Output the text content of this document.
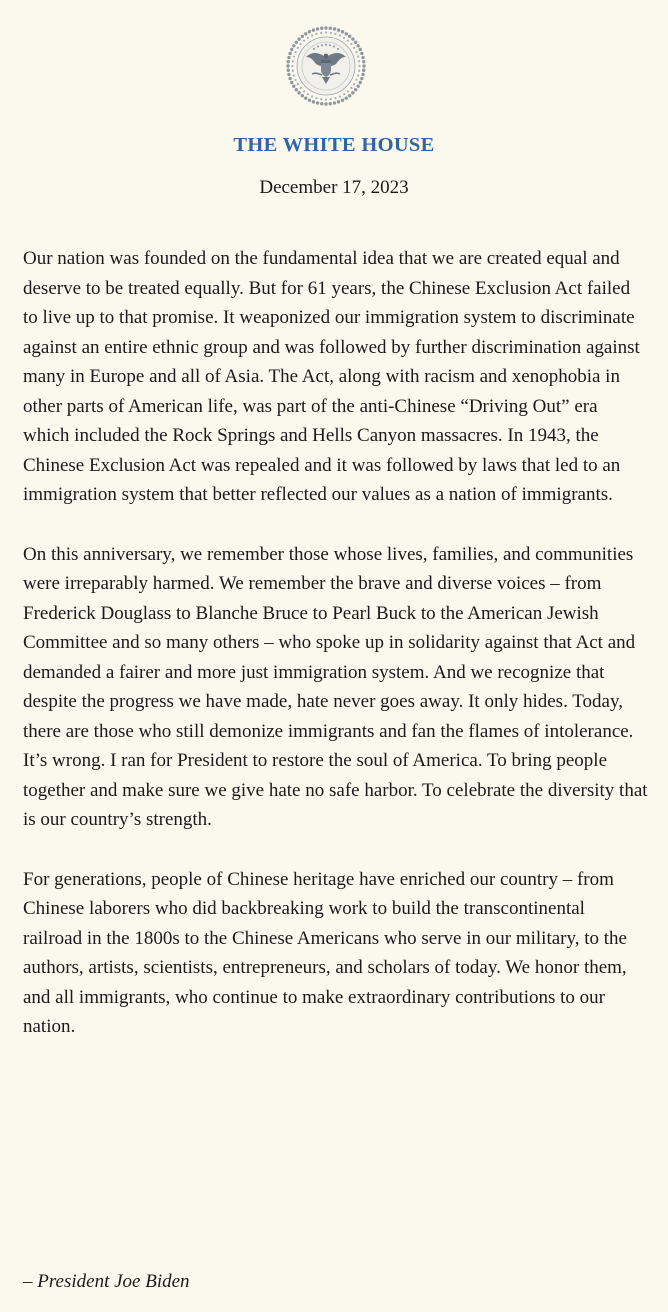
THE WHITE HOUSE
December 17, 2023

Our nation was founded on the fundamental idea that we are created equal and deserve to be treated equally. But for 61 years, the Chinese Exclusion Act failed to live up to that promise. It weaponized our immigration system to discriminate against an entire ethnic group and was followed by further discrimination against many in Europe and all of Asia. The Act, along with racism and xenophobia in other parts of American life, was part of the anti-Chinese “Driving Out” era which included the Rock Springs and Hells Canyon massacres. In 1943, the Chinese Exclusion Act was repealed and it was followed by laws that led to an immigration system that better reflected our values as a nation of immigrants.

On this anniversary, we remember those whose lives, families, and communities were irreparably harmed. We remember the brave and diverse voices – from Frederick Douglass to Blanche Bruce to Pearl Buck to the American Jewish Committee and so many others – who spoke up in solidarity against that Act and demanded a fairer and more just immigration system. And we recognize that despite the progress we have made, hate never goes away. It only hides. Today, there are those who still demonize immigrants and fan the flames of intolerance. It’s wrong. I ran for President to restore the soul of America. To bring people together and make sure we give hate no safe harbor. To celebrate the diversity that is our country’s strength.

For generations, people of Chinese heritage have enriched our country – from Chinese laborers who did backbreaking work to build the transcontinental railroad in the 1800s to the Chinese Americans who serve in our military, to the authors, artists, scientists, entrepreneurs, and scholars of today. We honor them, and all immigrants, who continue to make extraordinary contributions to our nation.

– President Joe Biden
